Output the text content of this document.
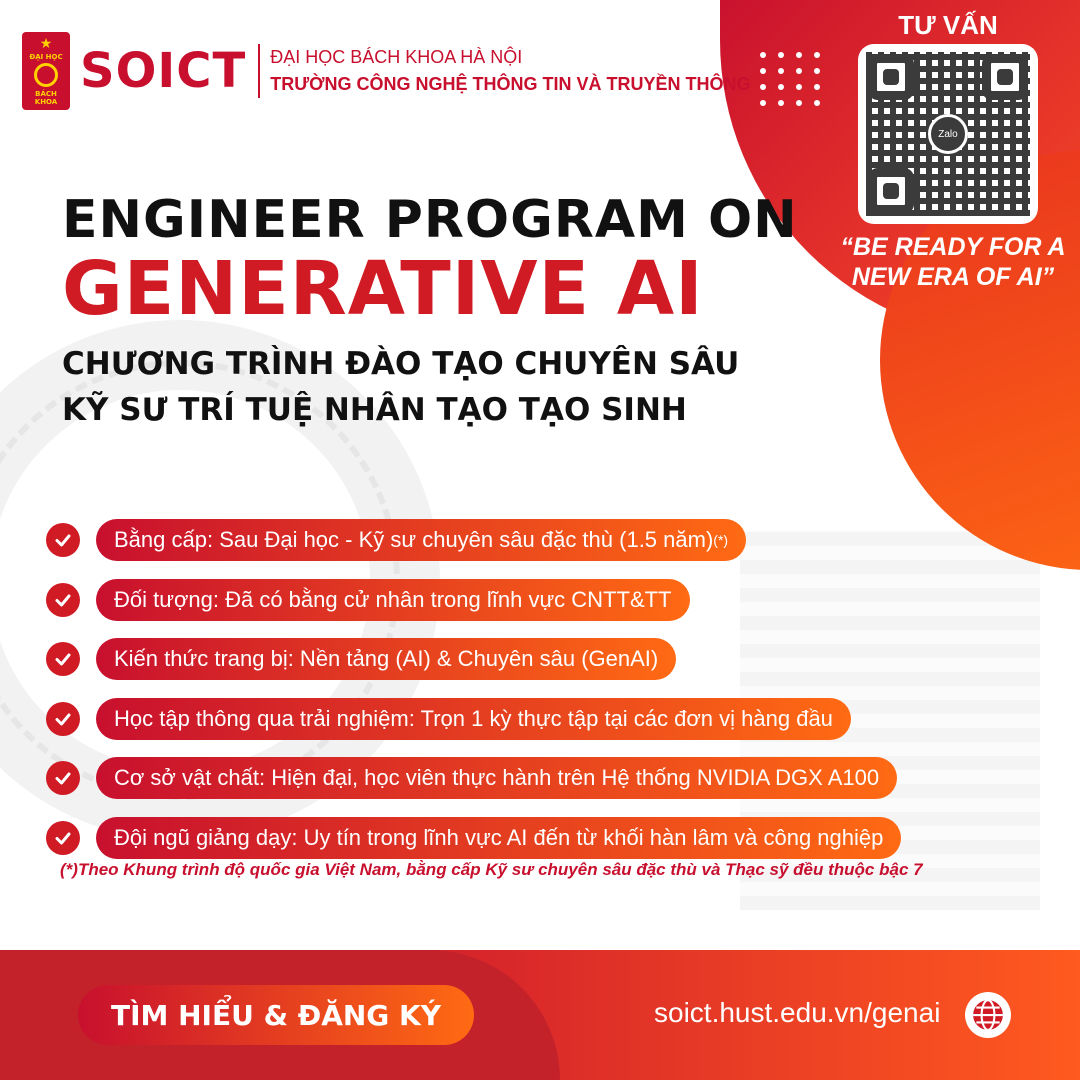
★
ĐẠI HỌC
BÁCH KHOA
SOICT ĐẠI HỌC BÁCH KHOA HÀ NỘI
TRƯỜNG CÔNG NGHỆ THÔNG TIN VÀ TRUYỀN THÔNG
TƯ VẤN
Zalo
“BE READY FOR A NEW ERA OF AI”
ENGINEER PROGRAM ON
GENERATIVE AI
CHƯƠNG TRÌNH ĐÀO TẠO CHUYÊN SÂU
KỸ SƯ TRÍ TUỆ NHÂN TẠO TẠO SINH
Bằng cấp: Sau Đại học - Kỹ sư chuyên sâu đặc thù (1.5 năm) (*)
Đối tượng: Đã có bằng cử nhân trong lĩnh vực CNTT&TT
Kiến thức trang bị: Nền tảng (AI) & Chuyên sâu (GenAI)
Học tập thông qua trải nghiệm: Trọn 1 kỳ thực tập tại các đơn vị hàng đầu
Cơ sở vật chất: Hiện đại, học viên thực hành trên Hệ thống NVIDIA DGX A100
Đội ngũ giảng dạy: Uy tín trong lĩnh vực AI đến từ khối hàn lâm và công nghiệp
(*)Theo Khung trình độ quốc gia Việt Nam, bằng cấp Kỹ sư chuyên sâu đặc thù và Thạc sỹ đều thuộc bậc 7
TÌM HIỂU & ĐĂNG KÝ	soict.hust.edu.vn/genai
